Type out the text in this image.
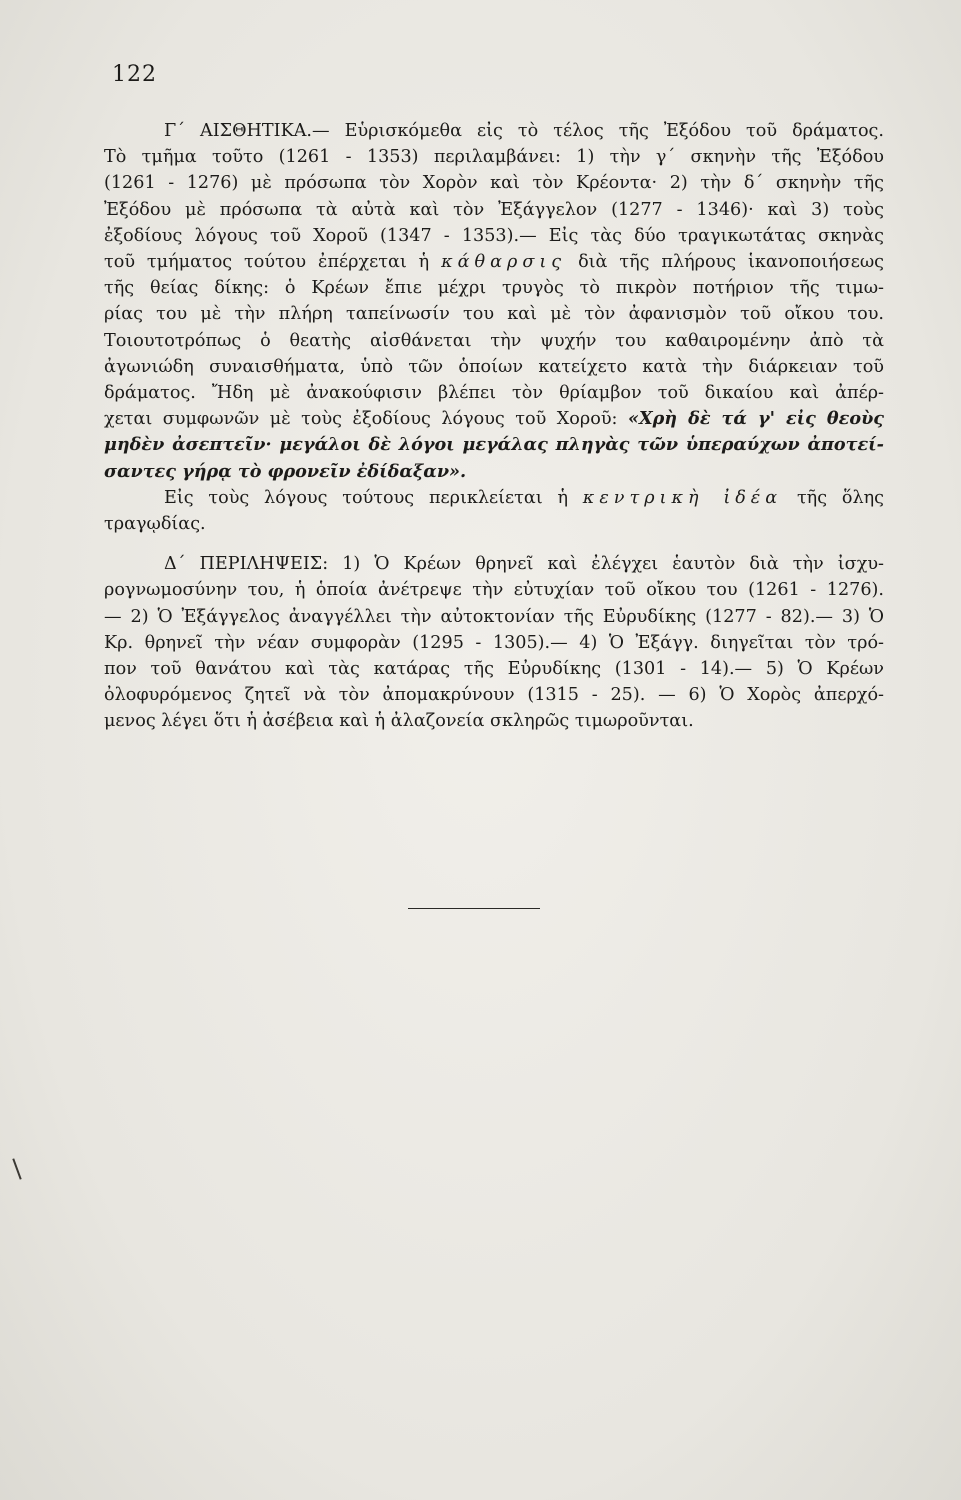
122

Γ΄ ΑΙΣΘΗΤΙΚΑ.— Εὑρισκόμεθα εἰς τὸ τέλος τῆς Ἐξόδου τοῦ δράματος.
Τὸ τμῆμα τοῦτο (1261 - 1353) περιλαμβάνει: 1) τὴν γ΄ σκηνὴν τῆς Ἐξόδου
(1261 - 1276) μὲ πρόσωπα τὸν Χορὸν καὶ τὸν Κρέοντα· 2) τὴν δ΄ σκηνὴν τῆς
Ἐξόδου μὲ πρόσωπα τὰ αὐτὰ καὶ τὸν Ἐξάγγελον (1277 - 1346)· καὶ 3) τοὺς
ἐξοδίους λόγους τοῦ Χοροῦ (1347 - 1353).— Εἰς τὰς δύο τραγικωτάτας σκηνὰς
τοῦ τμήματος τούτου ἐπέρχεται ἡ κάθαρσις διὰ τῆς πλήρους ἱκανοποιήσεως
τῆς θείας δίκης: ὁ Κρέων ἔπιε μέχρι τρυγὸς τὸ πικρὸν ποτήριον τῆς τιμω-
ρίας του μὲ τὴν πλήρη ταπείνωσίν του καὶ μὲ τὸν ἀφανισμὸν τοῦ οἴκου του.
Τοιουτοτρόπως ὁ θεατὴς αἰσθάνεται τὴν ψυχήν του καθαιρομένην ἀπὸ τὰ
ἀγωνιώδη συναισθήματα, ὑπὸ τῶν ὁποίων κατείχετο κατὰ τὴν διάρκειαν τοῦ
δράματος. Ἤδη μὲ ἀνακούφισιν βλέπει τὸν θρίαμβον τοῦ δικαίου καὶ ἀπέρ-
χεται συμφωνῶν μὲ τοὺς ἐξοδίους λόγους τοῦ Χοροῦ: «Χρὴ δὲ τά γ' εἰς θεοὺς
μηδὲν ἀσεπτεῖν· μεγάλοι δὲ λόγοι μεγάλας πληγὰς τῶν ὑπεραύχων ἀποτεί-
σαντες γήρᾳ τὸ φρονεῖν ἐδίδαξαν».
Εἰς τοὺς λόγους τούτους περικλείεται ἡ κεντρικὴ ἰδέα τῆς ὅλης
τραγῳδίας.

Δ΄ ΠΕΡΙΛΗΨΕΙΣ: 1) Ὁ Κρέων θρηνεῖ καὶ ἐλέγχει ἑαυτὸν διὰ τὴν ἰσχυ-
ρογνωμοσύνην του, ἡ ὁποία ἀνέτρεψε τὴν εὐτυχίαν τοῦ οἴκου του (1261 - 1276).
— 2) Ὁ Ἐξάγγελος ἀναγγέλλει τὴν αὐτοκτονίαν τῆς Εὐρυδίκης (1277 - 82).— 3) Ὁ
Κρ. θρηνεῖ τὴν νέαν συμφορὰν (1295 - 1305).— 4) Ὁ Ἐξάγγ. διηγεῖται τὸν τρό-
πον τοῦ θανάτου καὶ τὰς κατάρας τῆς Εὐρυδίκης (1301 - 14).— 5) Ὁ Κρέων
ὀλοφυρόμενος ζητεῖ νὰ τὸν ἀπομακρύνουν (1315 - 25). — 6) Ὁ Χορὸς ἀπερχό-
μενος λέγει ὅτι ἡ ἀσέβεια καὶ ἡ ἀλαζονεία σκληρῶς τιμωροῦνται.
